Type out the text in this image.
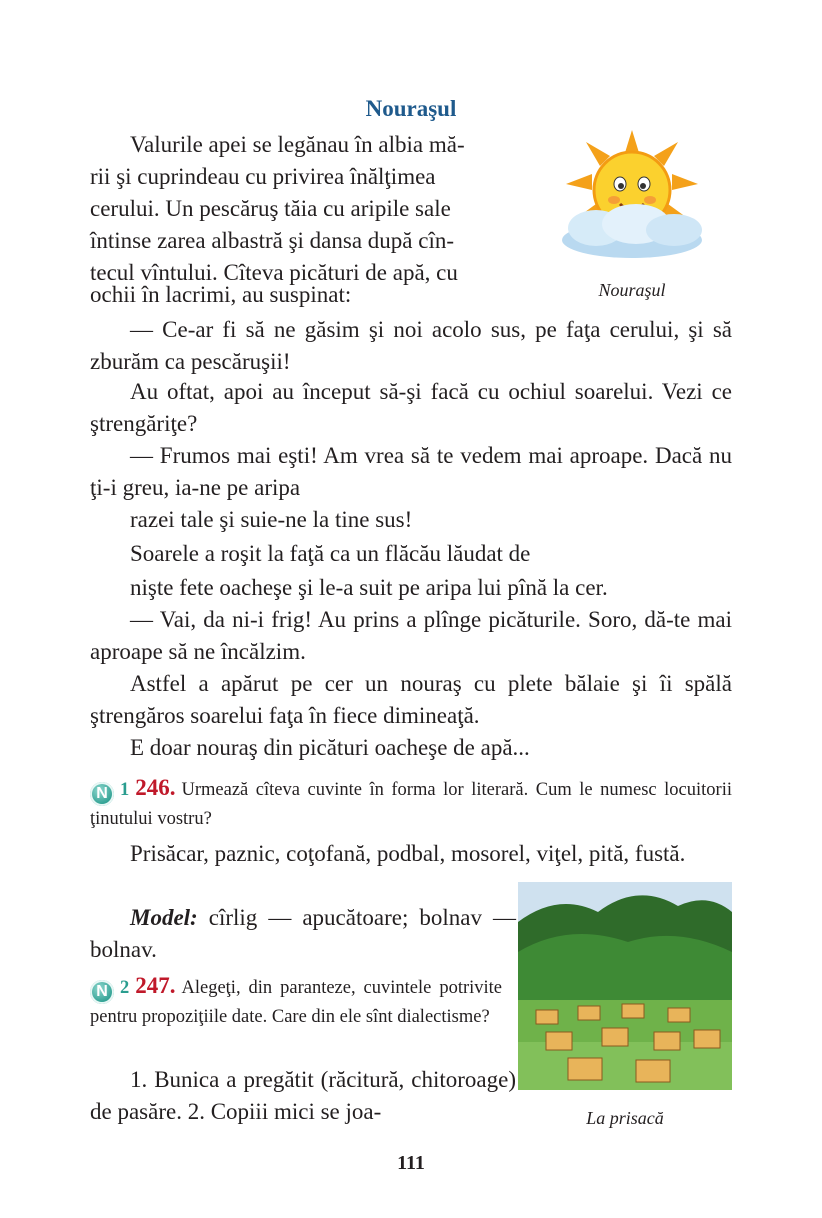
Nouraşul
Valurile apei se legănau în albia mă-
rii şi cuprindeau cu privirea înălţimea
cerului. Un pescăruş tăia cu aripile sale
întinse zarea albastră şi dansa după cîn-
tecul vîntului. Cîteva picături de apă, cu
ochii în lacrimi, au suspinat:	Nouraşul
— Ce-ar fi să ne găsim şi noi acolo sus, pe faţa cerului, şi să zburăm ca pescăruşii!
Au oftat, apoi au început să-şi facă cu ochiul soarelui. Vezi ce ştrengăriţe?
— Frumos mai eşti! Am vrea să te vedem mai aproape. Dacă nu ţi-i greu, ia-ne pe aripa
razei tale şi suie-ne la tine sus!
Soarele a roşit la faţă ca un flăcău lăudat de
nişte fete oacheşe şi le-a suit pe aripa lui pînă la cer.
— Vai, da ni-i frig! Au prins a plînge picăturile. Soro, dă-te mai aproape să ne încălzim.
Astfel a apărut pe cer un nouraş cu plete bălaie şi îi spălă ştrengăros soarelui faţa în fiece dimineaţă.
E doar nouraş din picături oacheşe de apă...
N 1 246. Urmează cîteva cuvinte în forma lor literară. Cum le numesc locuitorii ţinutului vostru?
Prisăcar, paznic, coţofană, podbal, mosorel, viţel, pită, fustă.
Model: cîrlig — apucătoare; bolnav — bolnav.
N 2 247. Alegeţi, din paranteze, cuvintele potrivite pentru propoziţiile date. Care din ele sînt dialectisme?
1. Bunica a pregătit (răcitură, chitoroage) de pasăre. 2. Copiii mici se joa-	La prisacă
111
